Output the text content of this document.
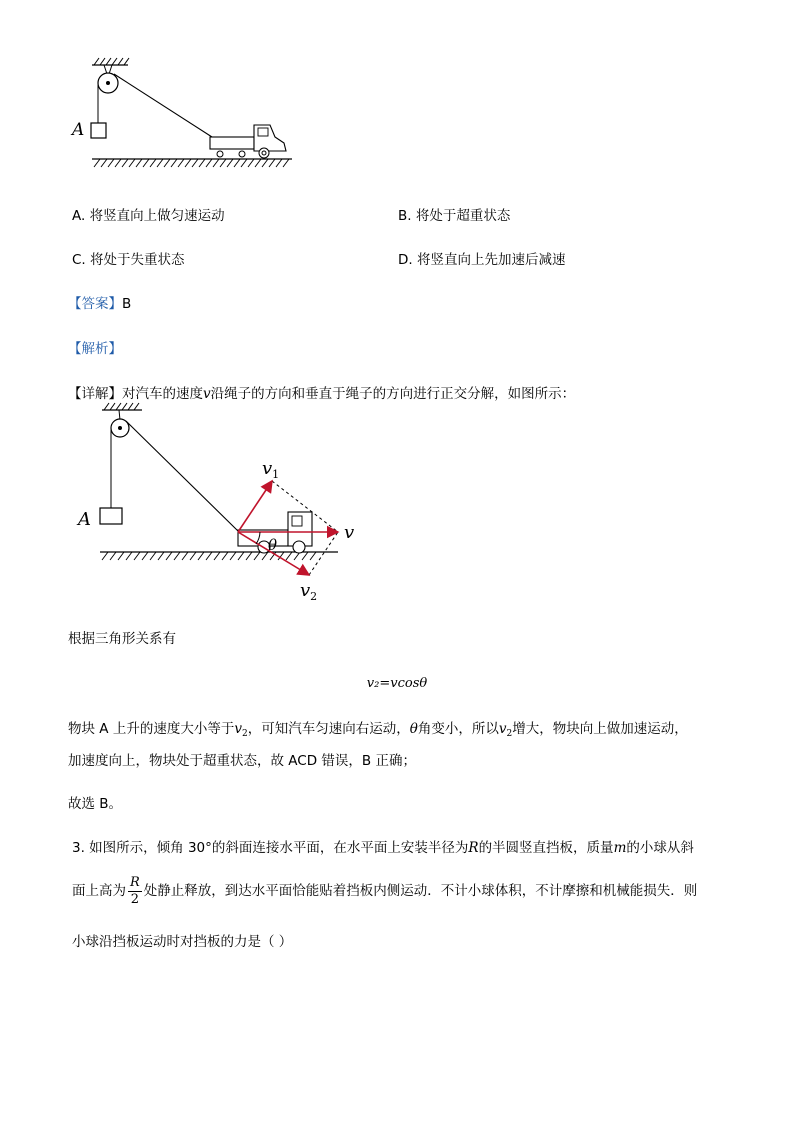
A
A. 将竖直向上做匀速运动	B. 将处于超重状态
C. 将处于失重状态	D. 将竖直向上先加速后减速
【答案】B
【解析】
【详解】对汽车的速度v沿绳子的方向和垂直于绳子的方向进行正交分解，如图所示：
A
$v_1$
v
$v_2$
θ
根据三角形关系有
v₂=vcosθ
物块 A 上升的速度大小等于$v_2$，可知汽车匀速向右运动，θ角变小，所以$v_2$增大，物块向上做加速运动，
加速度向上，物块处于超重状态，故 ACD 错误，B 正确；
故选 B。
3. 如图所示，倾角 30°的斜面连接水平面，在水平面上安装半径为R的半圆竖直挡板，质量m的小球从斜
面上高为 $\frac{R}{2}$ 处静止释放，到达水平面恰能贴着挡板内侧运动．不计小球体积，不计摩擦和机械能损失．则
小球沿挡板运动时对挡板的力是（ ）
